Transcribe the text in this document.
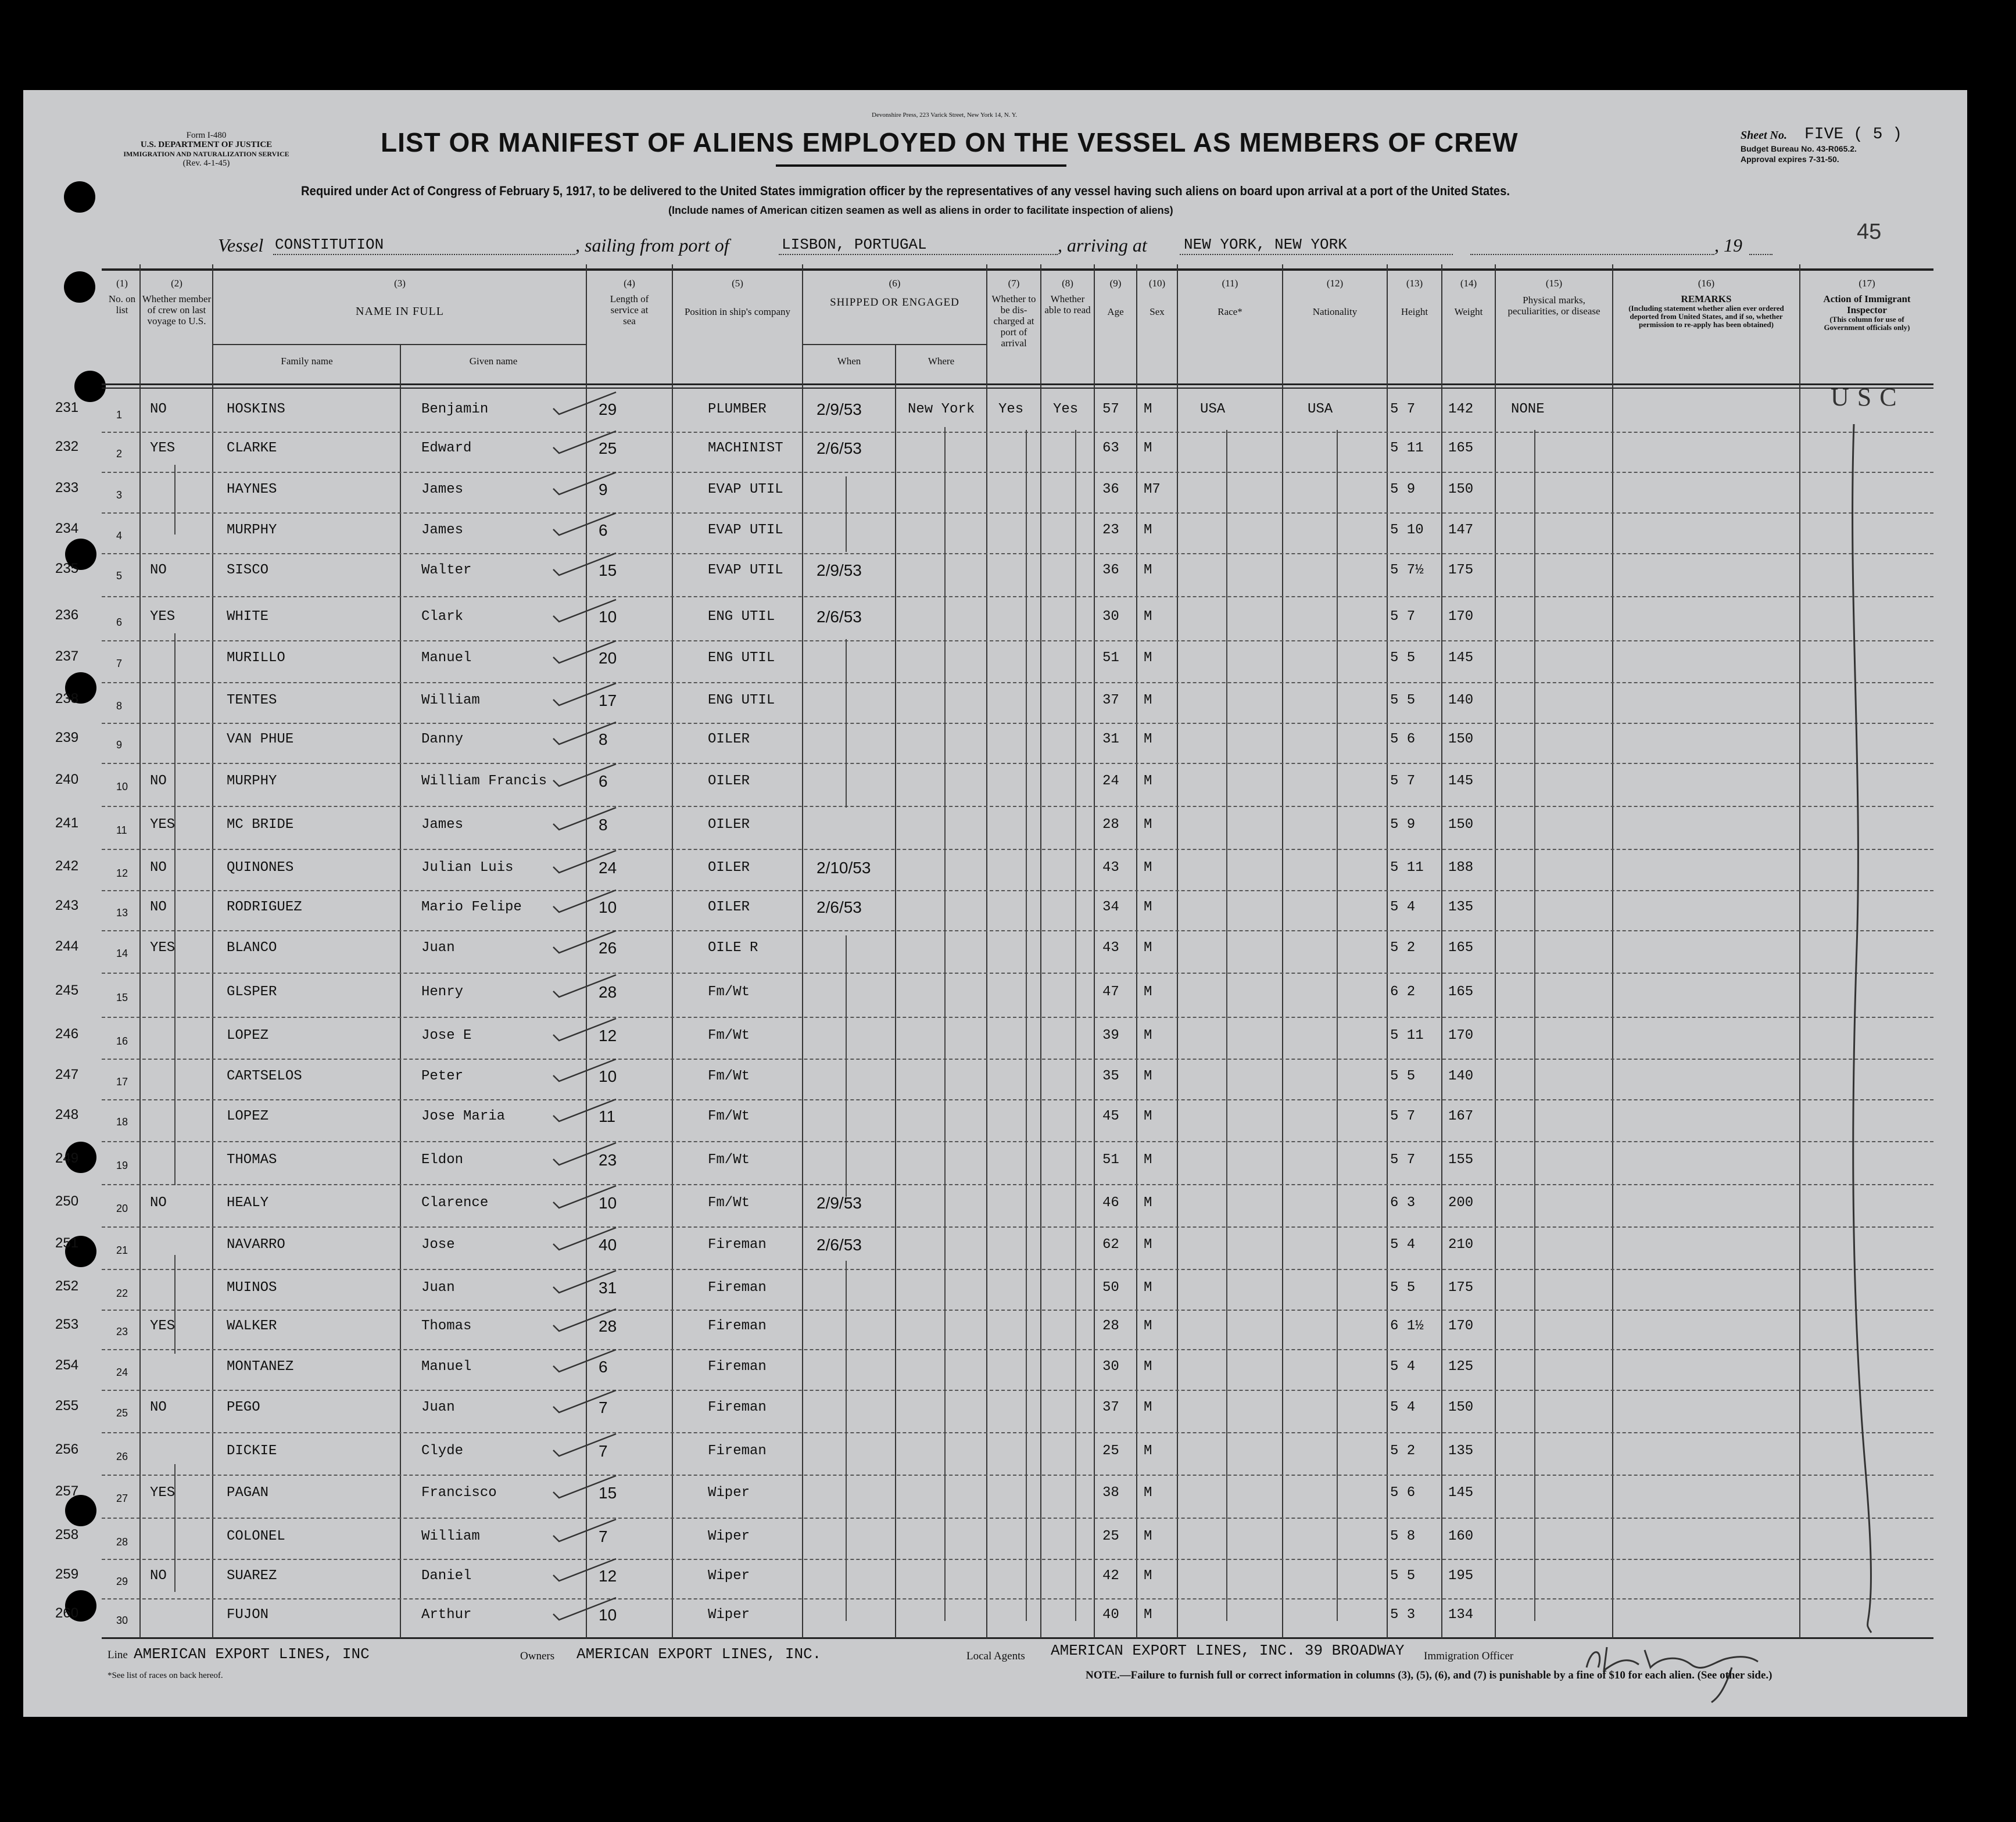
Devonshire Press, 223 Varick Street, New York 14, N. Y.
Form I-480
U.S. DEPARTMENT OF JUSTICE
IMMIGRATION AND NATURALIZATION SERVICE
(Rev. 4-1-45)
LIST OR MANIFEST OF ALIENS EMPLOYED ON THE VESSEL AS MEMBERS OF CREW
Required under Act of Congress of February 5, 1917, to be delivered to the United States immigration officer by the representatives of any vessel having such aliens on board upon arrival at a port of the United States.
(Include names of American citizen seamen as well as aliens in order to facilitate inspection of aliens)
Sheet No. FIVE ( 5 )
Budget Bureau No. 43-R065.2.
Approval expires 7-31-50.
45
Vessel CONSTITUTION	, sailing from port of	LISBON, PORTUGAL	, arriving at NEW YORK, NEW YORK	, 19
(1)
No. on list
(2)
Whether member of crew on last voyage to U.S.
(3)
NAME IN FULL
Family name	Given name
(4)
Length of service at sea
(5)
Position in ship's company
(6)
SHIPPED OR ENGAGED
When	Where
(7)
Whether to be dis-charged at port of arrival
(8)
Whether able to read
(9)
Age
(10)
Sex
(11)
Race*
(12)
Nationality
(13)
Height
(14)
Weight
(15)
Physical marks, peculiarities, or disease
(16)
REMARKS
(Including statement whether alien ever ordered deported from United States, and if so, whether permission to re-apply has been obtained)
(17)
Action of Immigrant Inspector
(This column for use of Government officials only)
231	1 NO	HOSKINS	Benjamin	29	PLUMBER	2/9/53	New York Yes Yes 57 M	USA	USA	5 7 142	NONE	USC
232	2 YES	CLARKE	Edward	25	MACHINIST 2/6/53	63 M	5 11 165
233	3	HAYNES	James	9	EVAP UTIL	36 M7	5 9 150
234	4	MURPHY	James	6	EVAP UTIL	23 M	5 10 147
235	5 NO	SISCO	Walter	15	EVAP UTIL 2/9/53	36 M	5 7½ 175
236	6 YES	WHITE	Clark	10	ENG UTIL	2/6/53	30 M	5 7 170
237	7	MURILLO	Manuel	20	ENG UTIL	51 M	5 5 145
238	8	TENTES	William	17	ENG UTIL	37 M	5 5 140
239	9	VAN PHUE	Danny	8	OILER	31 M	5 6 150
240	10 NO	MURPHY	William Francis	6	OILER	24 M	5 7 145
241	11 YES	MC BRIDE	James	8	OILER	28 M	5 9 150
242	12 NO	QUINONES	Julian Luis	24	OILER	2/10/53	43 M	5 11 188
243	13 NO	RODRIGUEZ	Mario Felipe	10	OILER	2/6/53	34 M	5 4 135
244	14 YES	BLANCO	Juan	26	OILE R	43 M	5 2 165
245	15	GLSPER	Henry	28	Fm/Wt	47 M	6 2 165
246	16	LOPEZ	Jose E	12	Fm/Wt	39 M	5 11 170
247	17	CARTSELOS	Peter	10	Fm/Wt	35 M	5 5 140
248	18	LOPEZ	Jose Maria	11	Fm/Wt	45 M	5 7 167
249	19	THOMAS	Eldon	23	Fm/Wt	51 M	5 7 155
250	20 NO	HEALY	Clarence	10	Fm/Wt	2/9/53	46 M	6 3 200
251	21	NAVARRO	Jose	40	Fireman	2/6/53	62 M	5 4 210
252	22	MUINOS	Juan	31	Fireman	50 M	5 5 175
253	23 YES	WALKER	Thomas	28	Fireman	28 M	6 1½ 170
254	24	MONTANEZ	Manuel	6	Fireman	30 M	5 4 125
255	25 NO	PEGO	Juan	7	Fireman	37 M	5 4 150
256	26	DICKIE	Clyde	7	Fireman	25 M	5 2 135
257	27 YES	PAGAN	Francisco	15	Wiper	38 M	5 6 145
258	28	COLONEL	William	7	Wiper	25 M	5 8 160
259	29 NO	SUAREZ	Daniel	12	Wiper	42 M	5 5 195
260	30	FUJON	Arthur	10	Wiper	40 M	5 3 134
Line AMERICAN EXPORT LINES, INC	Owners AMERICAN EXPORT LINES, INC.	Local Agents AMERICAN EXPORT LINES, INC. 39 BROADWAY Immigration Officer
*See list of races on back hereof.	NOTE.—Failure to furnish full or correct information in columns (3), (5), (6), and (7) is punishable by a fine of $10 for each alien. (See other side.)
